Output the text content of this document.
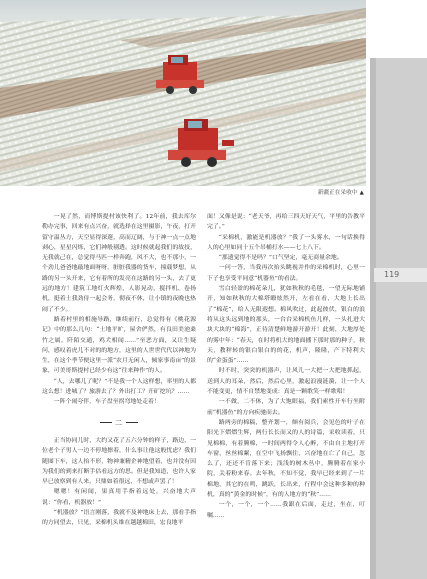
新疆正在采收中 ▲
119

一晃了然，而博斯提村该快利了。12年前，我去库尔勒办完事，回来有点兴奋，就选择在这里摄影，午夜，打开留守温丛方，天空显得深邃，高而辽阔，与于神一点一点地剥心，星星闪烁，它们神般剔透。这时候就起我们的故技，无我就己在，总觉得马匹一样奔跑，风不大，也不那小，一个劲儿爸爸地敲地面呀呀，脏脏我器的货车，撞载梦想，从路的另一头开来，它有着所的发亮在这路的另一头，去了更远的地方！建筑工地灯火辉煌，人影晃动，搅拌机、卷扬机，挺着土我劲侍一起会务，彻夜不休，让小镇的夜晚也热闹了不少。

路着村里的相施导路，继续前行，总觉得有《桃花源记》中的那么几句：“土地平旷，屋舍俨然，有良田美池桑竹之属，阡陌交通，鸡犬相闻……”至恶方面，又让生疑问，感叹着虎儿不对的的地方，这里的人世世代代以神地为生，在这个季节便这里一派“农月无闲人，倾家事南亩”的景象，可美哥斯提村已经少有这“往来种作”的人。

“人，去哪儿了呢？”不是我一个人这样想，率里的人都这么想！进城了？旅游去了？外出打工？开矿挖坑？……

一阵个闹夸伴，车子盘至拐弯地处走着！

二

正当协同儿时，大约又花了五六分钟的样子，路边，一位老个子男人一边不停地擦着，什么事让他这般忧虑？我们随图下车，这人抬不形，物神兼精企神地望着，也并没有因为我们的到来打断手估看远方的思。但是我知道，也许人家早已放察到有人来，只鼎如着很远，不想或声罢了！

嗯嗯！有闲闻，果真用手指着远处，兴奋地大声说：“你看，机器放！”

“机器放？”语言刚落，我就不及神地床上去，那看手指的方同望去，只见，采棉机头维在越越棉田，宏良地平

面！又像是说：“老天爷，再给三四天好天气，平里的告教平完了。”

“采棉机，激能是机器放？”我了一头雾水，一句话换得人的心里如同十五个吊桶打水——七上八下。

“那遗觉得不是吗？”口气坚定，毫无商量余地。

一问一答，当我再次抬头眺视并作的采棉机时，心里一下子也享受平同意“机器鱼”的看法。

雪白轻盈的棉花朵儿，犹如秋秋的毛毯，一望无际地铺开，知如秋秋的大棉塔瞭炫然开，左看在看，大地上长出了“棉花”，给人无限遐想。棉风吹过，此起彼伏，银白的浪将从这头远到地的那头，一台台采棉机鱼儿样，一头扎进大块大块的“棉海”，正待清楚鲜地游开游开！此刻，大地厚处的雾中年：“春天，在时将机大的地面播下那时那的种子，秋天，教秤转的银白银白的的花，机声，隆隆，产下特利大的“金蛋蛋”……

时不时，突突的机器声，让风儿一大把一大把地抓起，送到人的耳朵，然后，然后心里，激起浪漫涟漪，让一个人不能变更，情不自禁地变成：真是一颗歌笑一样歌唱！

一不做，二不休，为了大饱眼福，我们索性开车行坐附前“机器鱼”的方向疾驰而去。

路两旁的棉稿，整齐划一，颇有阅兵，会见色的叶子在阳光下熠熠生辉，两行长长而又的人的诗篇，采收读着，只见棉棉，有着腾棉，一时间两得令人心醉，不由自主地打开车窗，丝丝棉絮，在空中飞扬飘往，兴奋地在亡了自己，忽么了，还还不肯落下来；浅浅的树木丛中，腾腾着在家小院，关着粉来春。去年秋，不知不觉，我早已经来到了一片棉地，其它的在鸣，跳跃，长出来，行程中会这种多种的种机，真的“黄金的时候”，有的人地方的“秋”……

一个，一个，一个……我跟在后面，走过，坐在，叮嘱……
